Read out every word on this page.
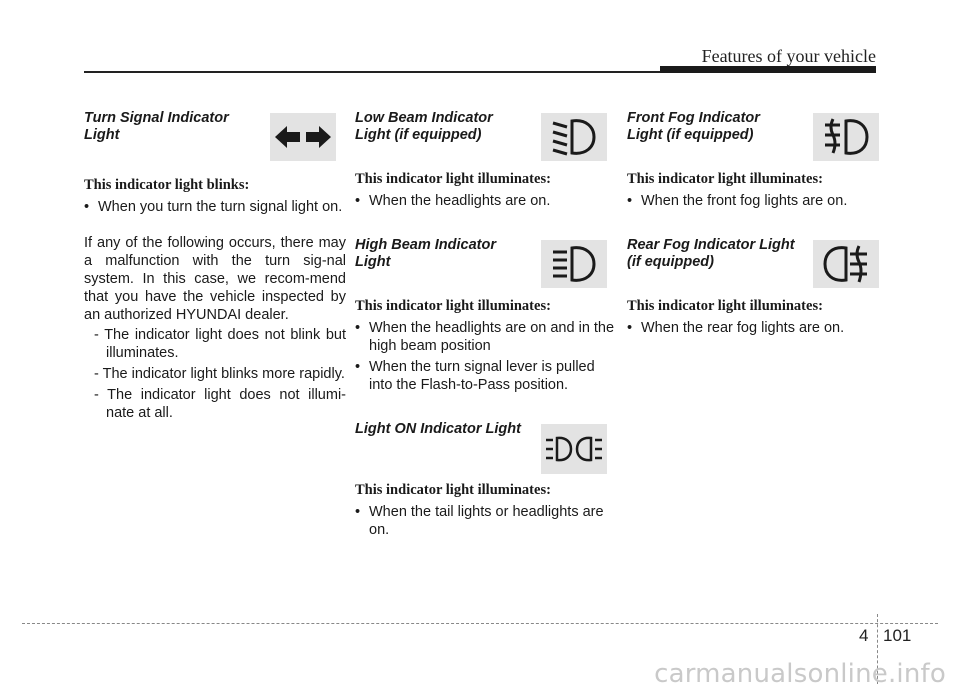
Features of your vehicle
Turn Signal Indicator
Light
This indicator light blinks:
• When you turn the turn signal light on.
If any of the following occurs, there may a malfunction with the turn sig-nal system. In this case, we recom-mend that you have the vehicle inspected by an authorized HYUNDAI dealer.
- The indicator light does not blink but illuminates.
- The indicator light blinks more rapidly.
- The indicator light does not illumi-nate at all.
Low Beam Indicator
Light (if equipped)
This indicator light illuminates:
• When the headlights are on.
High Beam Indicator
Light
This indicator light illuminates:
• When the headlights are on and in the high beam position
• When the turn signal lever is pulled into the Flash-to-Pass position.
Light ON Indicator Light
This indicator light illuminates:
• When the tail lights or headlights are on.
Front Fog Indicator
Light (if equipped)
This indicator light illuminates:
• When the front fog lights are on.
Rear Fog Indicator Light
(if equipped)
This indicator light illuminates:
• When the rear fog lights are on.
4 101
carmanualsonline.info
